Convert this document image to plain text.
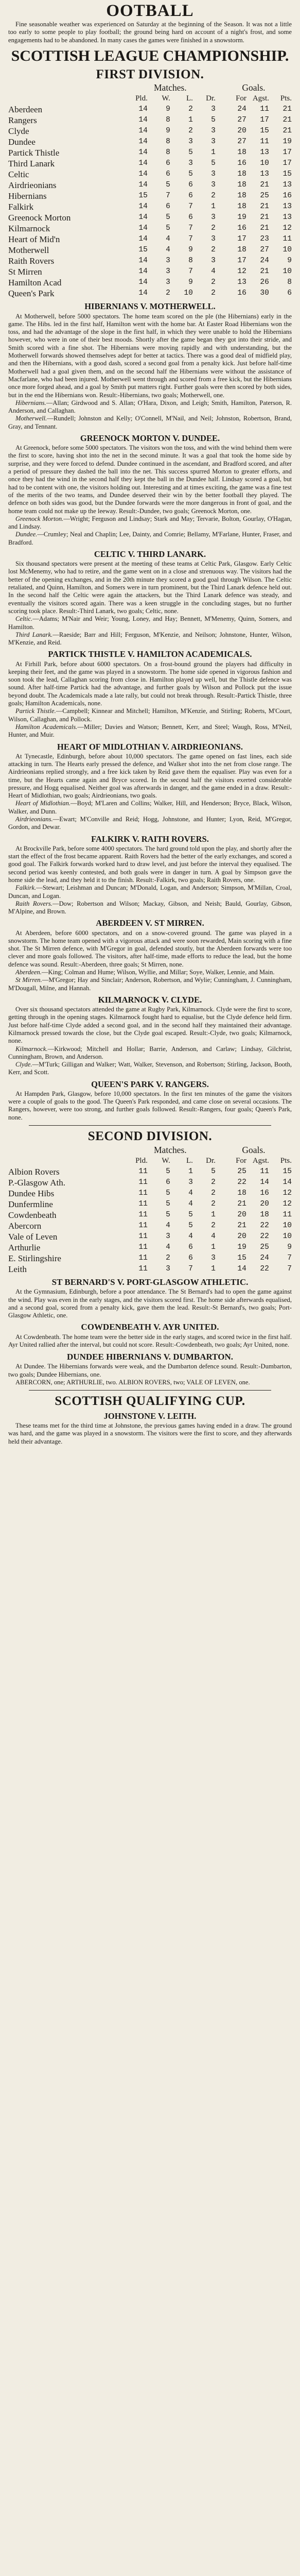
OOTBALL

Fine seasonable weather was experienced on Saturday at the beginning of the Season. It was not a little too early to some people to play football; the ground being hard on account of a night's frost, and some engagements had to be abandoned. In many cases the games were finished in a snowstorm.

SCOTTISH LEAGUE CHAMPIONSHIP.
FIRST DIVISION.
	Matches.				Goals.		
	Pld.	W.	L.	Dr.	For	Agst.	Pts.
Aberdeen	14	9	2	3	24	11	21
Rangers	14	8	1	5	27	17	21
Clyde	14	9	2	3	20	15	21
Dundee	14	8	3	3	27	11	19
Partick Thistle	14	8	5	1	18	13	17
Third Lanark	14	6	3	5	16	10	17
Celtic	14	6	5	3	18	13	15
Airdrieonians	14	5	6	3	18	21	13
Hibernians	15	7	6	2	18	25	16
Falkirk	14	6	7	1	18	21	13
Greenock Morton	14	5	6	3	19	21	13
Kilmarnock	14	5	7	2	16	21	12
Heart of Mid'n	14	4	7	3	17	23	11
Motherwell	15	4	9	2	18	27	10
Raith Rovers	14	3	8	3	17	24	9
St Mirren	14	3	7	4	12	21	10
Hamilton Acad	14	3	9	2	13	26	8
Queen's Park	14	2	10	2	16	30	6
HIBERNIANS V. MOTHERWELL.

At Motherwell, before 5000 spectators. The home team scored on the ple (the Hibernians) early in the game. The Hibs. led in the first half, Hamilton went with the home bar. At Easter Road Hibernians won the toss, and had the advantage of the slope in the first half, in which they were unable to hold the Hibernians however, who were in one of their best moods. Shortly after the game began they got into their stride, and Smith scored with a fine shot. The Hibernians were moving rapidly and with understanding, but the Motherwell forwards showed themselves adept for better at tactics. There was a good deal of midfield play, and then the Hibernians, with a good dash, scored a second goal from a penalty kick. Just before half-time Motherwell had a goal given them, and on the second half the Hibernians were without the assistance of Macfarlane, who had been injured. Motherwell went through and scored from a free kick, but the Hibernians once more forged ahead, and a goal by Smith put matters right. Further goals were then scored by both sides, but in the end the Hibernians won. Result:-Hibernians, two goals; Motherwell, one.

Hibernians.—Allan; Girdwood and S. Allan; O'Hara, Dixon, and Leigh; Smith, Hamilton, Paterson, R. Anderson, and Callaghan.

Motherwell.—Rundell; Johnston and Kelly; O'Connell, M'Nail, and Neil; Johnston, Robertson, Brand, Gray, and Tennant.

GREENOCK MORTON V. DUNDEE.

At Greenock, before some 5000 spectators. The visitors won the toss, and with the wind behind them were the first to score, having shot into the net in the second minute. It was a goal that took the home side by surprise, and they were forced to defend. Dundee continued in the ascendant, and Bradford scored, and after a period of pressure they dashed the ball into the net. This success spurred Morton to greater efforts, and once they had the wind in the second half they kept the ball in the Dundee half. Lindsay scored a goal, but had to be content with one, the visitors holding out. Interesting and at times exciting, the game was a fine test of the merits of the two teams, and Dundee deserved their win by the better football they played. The defence on both sides was good, but the Dundee forwards were the more dangerous in front of goal, and the home team could not make up the leeway. Result:-Dundee, two goals; Greenock Morton, one.

Greenock Morton.—Wright; Ferguson and Lindsay; Stark and May; Tervarie, Bolton, Gourlay, O'Hagan, and Lindsay.

Dundee.—Crumley; Neal and Chaplin; Lee, Dainty, and Comrie; Bellamy, M'Farlane, Hunter, Fraser, and Bradford.

CELTIC V. THIRD LANARK.

Six thousand spectators were present at the meeting of these teams at Celtic Park, Glasgow. Early Celtic lost McMenemy, who had to retire, and the game went on in a close and strenuous way. The visitors had the better of the opening exchanges, and in the 20th minute they scored a good goal through Wilson. The Celtic retaliated, and Quinn, Hamilton, and Somers were in turn prominent, but the Third Lanark defence held out. In the second half the Celtic were again the attackers, but the Third Lanark defence was steady, and eventually the visitors scored again. There was a keen struggle in the concluding stages, but no further scoring took place. Result:-Third Lanark, two goals; Celtic, none.

Celtic.—Adams; M'Nair and Weir; Young, Loney, and Hay; Bennett, M'Menemy, Quinn, Somers, and Hamilton.

Third Lanark.—Raeside; Barr and Hill; Ferguson, M'Kenzie, and Neilson; Johnstone, Hunter, Wilson, M'Kenzie, and Reid.

PARTICK THISTLE V. HAMILTON ACADEMICALS.

At Firhill Park, before about 6000 spectators. On a frost-bound ground the players had difficulty in keeping their feet, and the game was played in a snowstorm. The home side opened in vigorous fashion and soon took the lead, Callaghan scoring from close in. Hamilton played up well, but the Thistle defence was sound. After half-time Partick had the advantage, and further goals by Wilson and Pollock put the issue beyond doubt. The Academicals made a late rally, but could not break through. Result:-Partick Thistle, three goals; Hamilton Academicals, none.

Partick Thistle.—Campbell; Kinnear and Mitchell; Hamilton, M'Kenzie, and Stirling; Roberts, M'Court, Wilson, Callaghan, and Pollock.

Hamilton Academicals.—Miller; Davies and Watson; Bennett, Kerr, and Steel; Waugh, Ross, M'Neil, Hunter, and Muir.

HEART OF MIDLOTHIAN V. AIRDRIEONIANS.

At Tynecastle, Edinburgh, before about 10,000 spectators. The game opened on fast lines, each side attacking in turn. The Hearts early pressed the defence, and Walker shot into the net from close range. The Airdrieonians replied strongly, and a free kick taken by Reid gave them the equaliser. Play was even for a time, but the Hearts came again and Bryce scored. In the second half the visitors exerted considerable pressure, and Hogg equalised. Neither goal was afterwards in danger, and the game ended in a draw. Result:-Heart of Midlothian, two goals; Airdrieonians, two goals.

Heart of Midlothian.—Boyd; M'Laren and Collins; Walker, Hill, and Henderson; Bryce, Black, Wilson, Walker, and Dunn.

Airdrieonians.—Ewart; M'Conville and Reid; Hogg, Johnstone, and Hunter; Lyon, Reid, M'Gregor, Gordon, and Dewar.

FALKIRK V. RAITH ROVERS.

At Brockville Park, before some 4000 spectators. The hard ground told upon the play, and shortly after the start the effect of the frost became apparent. Raith Rovers had the better of the early exchanges, and scored a good goal. The Falkirk forwards worked hard to draw level, and just before the interval they equalised. The second period was keenly contested, and both goals were in danger in turn. A goal by Simpson gave the home side the lead, and they held it to the finish. Result:-Falkirk, two goals; Raith Rovers, one.

Falkirk.—Stewart; Leishman and Duncan; M'Donald, Logan, and Anderson; Simpson, M'Millan, Croal, Duncan, and Logan.

Raith Rovers.—Dow; Robertson and Wilson; Mackay, Gibson, and Neish; Bauld, Gourlay, Gibson, M'Alpine, and Brown.

ABERDEEN V. ST MIRREN.

At Aberdeen, before 6000 spectators, and on a snow-covered ground. The game was played in a snowstorm. The home team opened with a vigorous attack and were soon rewarded, Main scoring with a fine shot. The St Mirren defence, with M'Gregor in goal, defended stoutly, but the Aberdeen forwards were too clever and more goals followed. The visitors, after half-time, made efforts to reduce the lead, but the home defence was sound. Result:-Aberdeen, three goals; St Mirren, none.

Aberdeen.—King; Colman and Hume; Wilson, Wyllie, and Millar; Soye, Walker, Lennie, and Main.

St Mirren.—M'Gregor; Hay and Sinclair; Anderson, Robertson, and Wylie; Cunningham, J. Cunningham, M'Dougall, Milne, and Hannah.

KILMARNOCK V. CLYDE.

Over six thousand spectators attended the game at Rugby Park, Kilmarnock. Clyde were the first to score, getting through in the opening stages. Kilmarnock fought hard to equalise, but the Clyde defence held firm. Just before half-time Clyde added a second goal, and in the second half they maintained their advantage. Kilmarnock pressed towards the close, but the Clyde goal escaped. Result:-Clyde, two goals; Kilmarnock, none.

Kilmarnock.—Kirkwood; Mitchell and Hollar; Barrie, Anderson, and Carlaw; Lindsay, Gilchrist, Cunningham, Brown, and Anderson.

Clyde.—M'Turk; Gilligan and Walker; Watt, Walker, Stevenson, and Robertson; Stirling, Jackson, Booth, Kerr, and Scott.

QUEEN'S PARK V. RANGERS.

At Hampden Park, Glasgow, before 10,000 spectators. In the first ten minutes of the game the visitors were a couple of goals to the good. The Queen's Park responded, and came close on several occasions. The Rangers, however, were too strong, and further goals followed. Result:-Rangers, four goals; Queen's Park, none.

SECOND DIVISION.
	Matches.				Goals.		
	Pld.	W.	L.	Dr.	For	Agst.	Pts.
Albion Rovers	11	5	1	5	25	11	15
P.-Glasgow Ath.	11	6	3	2	22	14	14
Dundee Hibs	11	5	4	2	18	16	12
Dunfermline	11	5	4	2	21	20	12
Cowdenbeath	11	5	5	1	20	18	11
Abercorn	11	4	5	2	21	22	10
Vale of Leven	11	3	4	4	20	22	10
Arthurlie	11	4	6	1	19	25	9
E. Stirlingshire	11	2	6	3	15	24	7
Leith	11	3	7	1	14	22	7
ST BERNARD'S V. PORT-GLASGOW ATHLETIC.

At the Gymnasium, Edinburgh, before a poor attendance. The St Bernard's had to open the game against the wind. Play was even in the early stages, and the visitors scored first. The home side afterwards equalised, and a second goal, scored from a penalty kick, gave them the lead. Result:-St Bernard's, two goals; Port-Glasgow Athletic, one.

COWDENBEATH V. AYR UNITED.

At Cowdenbeath. The home team were the better side in the early stages, and scored twice in the first half. Ayr United rallied after the interval, but could not score. Result:-Cowdenbeath, two goals; Ayr United, none.

DUNDEE HIBERNIANS V. DUMBARTON.

At Dundee. The Hibernians forwards were weak, and the Dumbarton defence sound. Result:-Dumbarton, two goals; Dundee Hibernians, one.

ABERCORN, one; ARTHURLIE, two. ALBION ROVERS, two; VALE OF LEVEN, one.

SCOTTISH QUALIFYING CUP.
JOHNSTONE V. LEITH.

These teams met for the third time at Johnstone, the previous games having ended in a draw. The ground was hard, and the game was played in a snowstorm. The visitors were the first to score, and they afterwards held their advantage.
